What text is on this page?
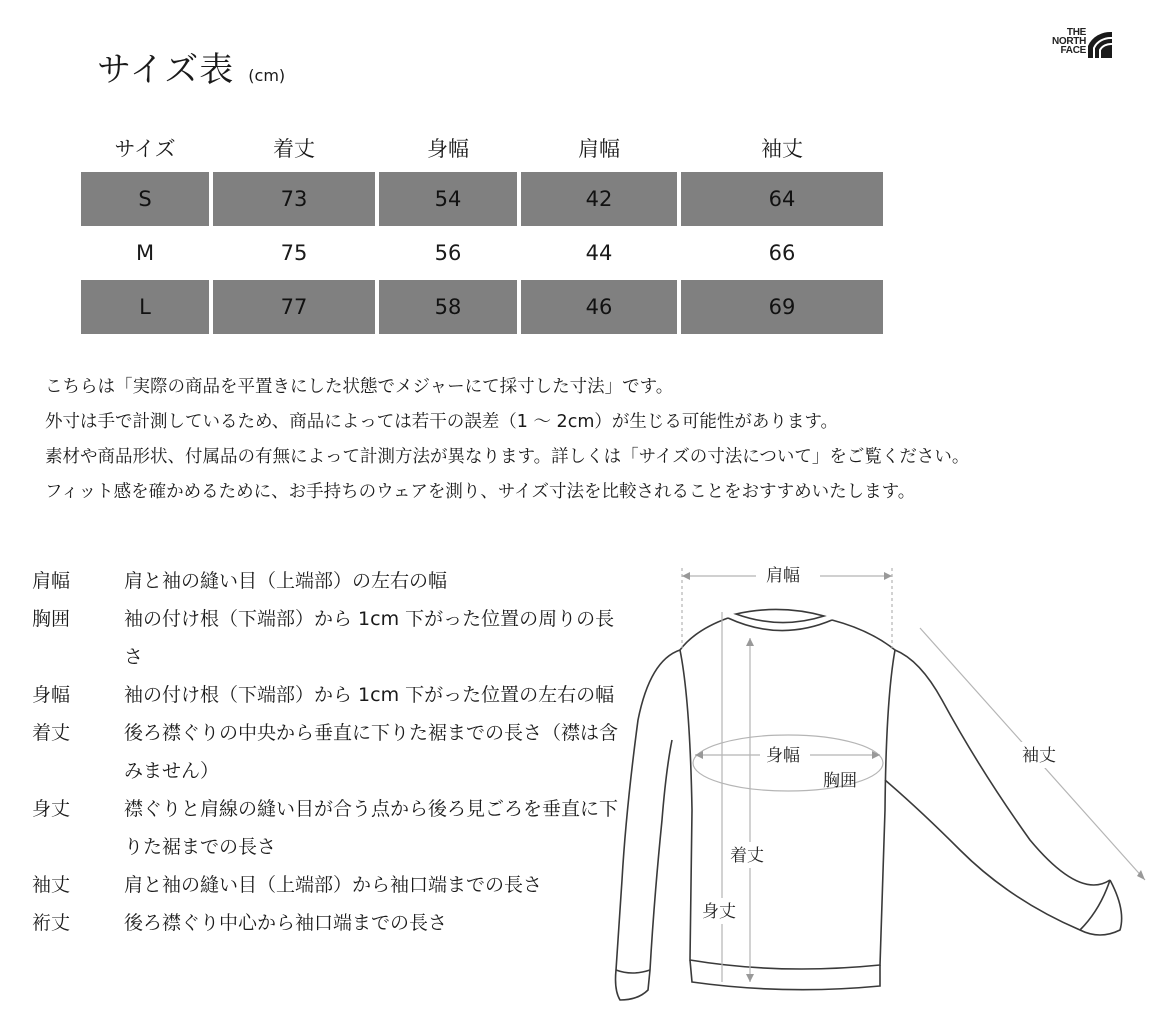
サイズ表 (cm)
THE
NORTH
FACE
サイズ	着丈	身幅	肩幅	袖丈
S	73	54	42	64
M	75	56	44	66
L	77	58	46	69
こちらは「実際の商品を平置きにした状態でメジャーにて採寸した寸法」です。
外寸は手で計測しているため、商品によっては若干の誤差（1 ～ 2cm）が生じる可能性があります。
素材や商品形状、付属品の有無によって計測方法が異なります。詳しくは「サイズの寸法について」をご覧ください。
フィット感を確かめるために、お手持ちのウェアを測り、サイズ寸法を比較されることをおすすめいたします。
肩幅	肩と袖の縫い目（上端部）の左右の幅
胸囲	袖の付け根（下端部）から 1cm 下がった位置の周りの長さ
身幅	袖の付け根（下端部）から 1cm 下がった位置の左右の幅
着丈	後ろ襟ぐりの中央から垂直に下りた裾までの長さ（襟は含みません）
身丈	襟ぐりと肩線の縫い目が合う点から後ろ見ごろを垂直に下りた裾までの長さ
袖丈	肩と袖の縫い目（上端部）から袖口端までの長さ
裄丈	後ろ襟ぐり中心から袖口端までの長さ
肩幅
身幅
胸囲
着丈
身丈
袖丈
